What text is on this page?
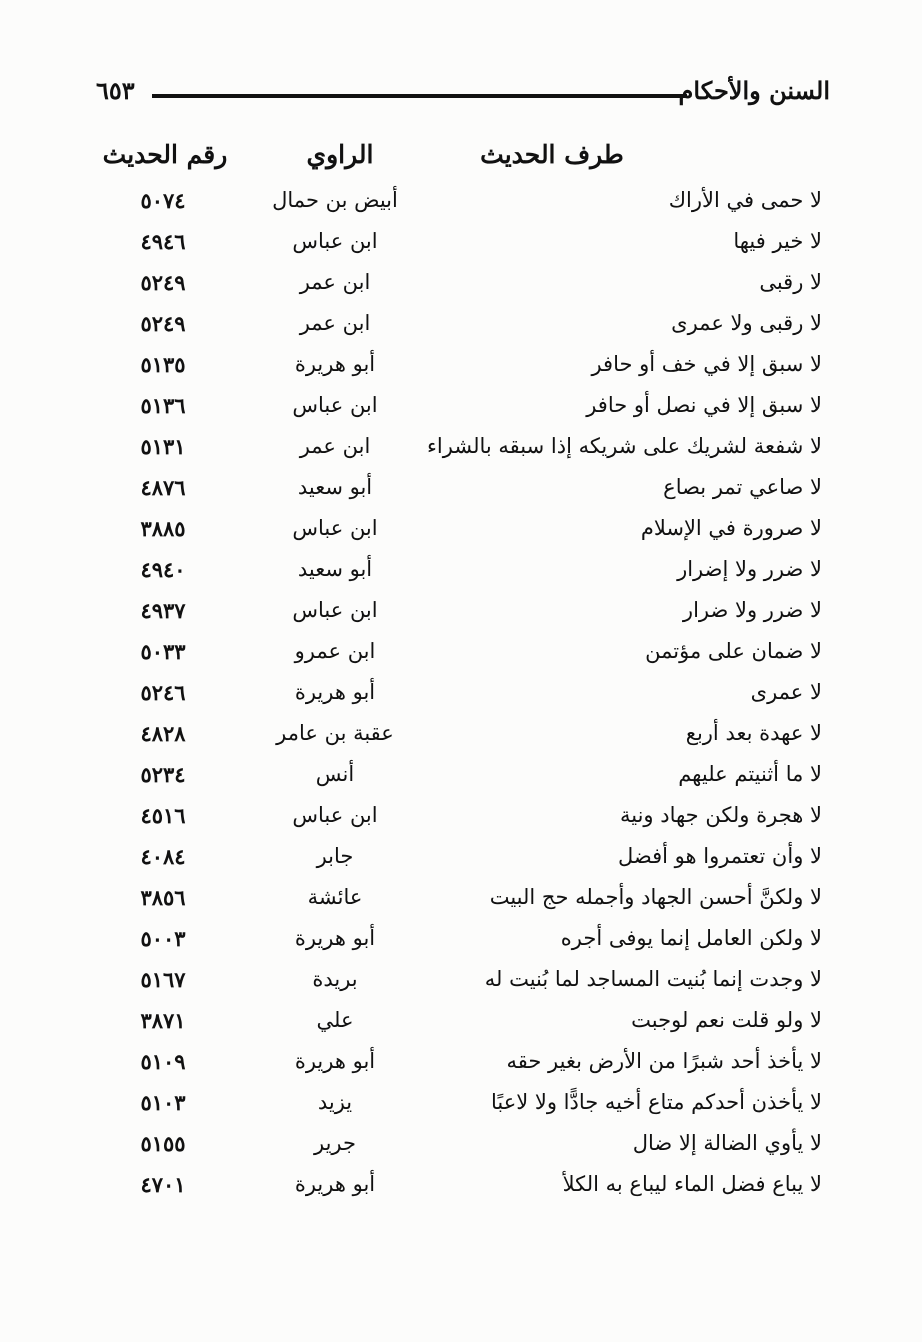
٦٥٣	السنن والأحكام
طرف الحديث
الراوي
رقم الحديث
لا حمى في الأراك
أبيض بن حمال
٥٠٧٤
لا خير فيها
ابن عباس
٤٩٤٦
لا رقبى
ابن عمر
٥٢٤٩
لا رقبى ولا عمرى
ابن عمر
٥٢٤٩
لا سبق إلا في خف أو حافر
أبو هريرة
٥١٣٥
لا سبق إلا في نصل أو حافر
ابن عباس
٥١٣٦
لا شفعة لشريك على شريكه إذا سبقه بالشراء
ابن عمر
٥١٣١
لا صاعي تمر بصاع
أبو سعيد
٤٨٧٦
لا صرورة في الإسلام
ابن عباس
٣٨٨٥
لا ضرر ولا إضرار
أبو سعيد
٤٩٤٠
لا ضرر ولا ضرار
ابن عباس
٤٩٣٧
لا ضمان على مؤتمن
ابن عمرو
٥٠٣٣
لا عمرى
أبو هريرة
٥٢٤٦
لا عهدة بعد أربع
عقبة بن عامر
٤٨٢٨
لا ما أثنيتم عليهم
أنس
٥٢٣٤
لا هجرة ولكن جهاد ونية
ابن عباس
٤٥١٦
لا وأن تعتمروا هو أفضل
جابر
٤٠٨٤
لا ولكنَّ أحسن الجهاد وأجمله حج البيت
عائشة
٣٨٥٦
لا ولكن العامل إنما يوفى أجره
أبو هريرة
٥٠٠٣
لا وجدت إنما بُنيت المساجد لما بُنيت له
بريدة
٥١٦٧
لا ولو قلت نعم لوجبت
علي
٣٨٧١
لا يأخذ أحد شبرًا من الأرض بغير حقه
أبو هريرة
٥١٠٩
لا يأخذن أحدكم متاع أخيه جادًّا ولا لاعبًا
يزيد
٥١٠٣
لا يأوي الضالة إلا ضال
جرير
٥١٥٥
لا يباع فضل الماء ليباع به الكلأ
أبو هريرة
٤٧٠١
